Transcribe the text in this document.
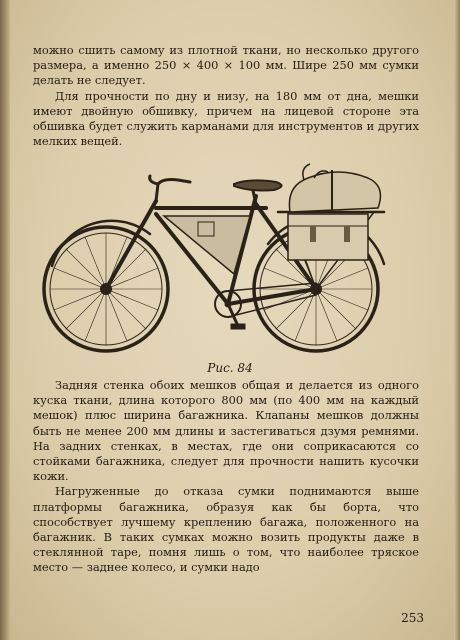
можно сшить самому из плотной ткани, но несколько другого размера, а именно 250 × 400 × 100 мм. Шире 250 мм сумки делать не следует.

Для прочности по дну и низу, на 180 мм от дна, мешки имеют двойную обшивку, причем на лицевой стороне эта обшивка будет служить карманами для инструментов и других мелких вещей.

Рис. 84

Задняя стенка обоих мешков общая и делается из одного куска ткани, длина которого 800 мм (по 400 мм на каждый мешок) плюс ширина багажника. Клапаны мешков должны быть не менее 200 мм длины и застегиваться дзумя ремнями. На задних стенках, в местах, где они соприкасаются со стойками багажника, следует для прочности нашить кусочки кожи.

Нагруженные до отказа сумки поднимаются выше платформы багажника, образуя как бы борта, что способствует лучшему креплению багажа, положенного на багажник. В таких сумках можно возить продукты даже в стеклянной таре, помня лишь о том, что наиболее тряское место — заднее колесо, и сумки надо

253
